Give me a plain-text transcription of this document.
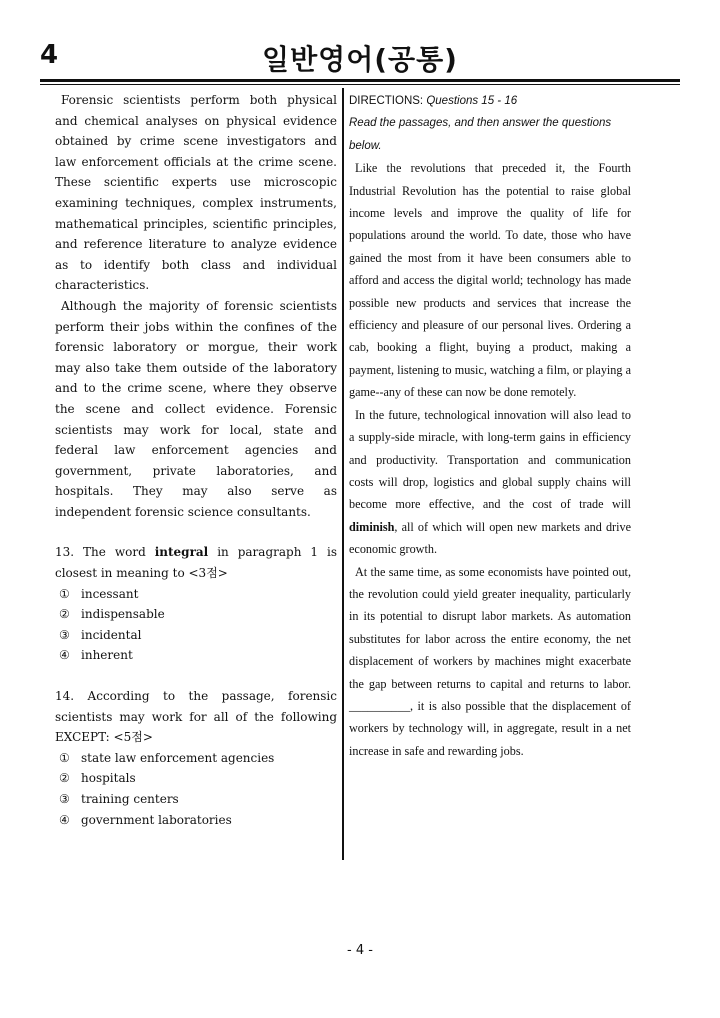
4	일반영어(공통)

Forensic scientists perform both physical and chemical analyses on physical evidence obtained by crime scene investigators and law enforcement officials at the crime scene. These scientific experts use microscopic examining techniques, complex instruments, mathematical principles, scientific principles, and reference literature to analyze evidence as to identify both class and individual characteristics.

Although the majority of forensic scientists perform their jobs within the confines of the forensic laboratory or morgue, their work may also take them outside of the laboratory and to the crime scene, where they observe the scene and collect evidence. Forensic scientists may work for local, state and federal law enforcement agencies and government, private laboratories, and hospitals. They may also serve as independent forensic science consultants.

13. The word integral in paragraph 1 is closest in meaning to <3점>

① incessant

② indispensable

③ incidental

④ inherent

14. According to the passage, forensic scientists may work for all of the following EXCEPT: <5점>

① state law enforcement agencies

② hospitals

③ training centers

④ government laboratories

DIRECTIONS: Questions 15 - 16

Read the passages, and then answer the questions below.

Like the revolutions that preceded it, the Fourth Industrial Revolution has the potential to raise global income levels and improve the quality of life for populations around the world. To date, those who have gained the most from it have been consumers able to afford and access the digital world; technology has made possible new products and services that increase the efficiency and pleasure of our personal lives. Ordering a cab, booking a flight, buying a product, making a payment, listening to music, watching a film, or playing a game--any of these can now be done remotely.

In the future, technological innovation will also lead to a supply-side miracle, with long-term gains in efficiency and productivity. Transportation and communication costs will drop, logistics and global supply chains will become more effective, and the cost of trade will diminish, all of which will open new markets and drive economic growth.

At the same time, as some economists have pointed out, the revolution could yield greater inequality, particularly in its potential to disrupt labor markets. As automation substitutes for labor across the entire economy, the net displacement of workers by machines might exacerbate the gap between returns to capital and returns to labor. __________, it is also possible that the displacement of workers by technology will, in aggregate, result in a net increase in safe and rewarding jobs.

- 4 -
